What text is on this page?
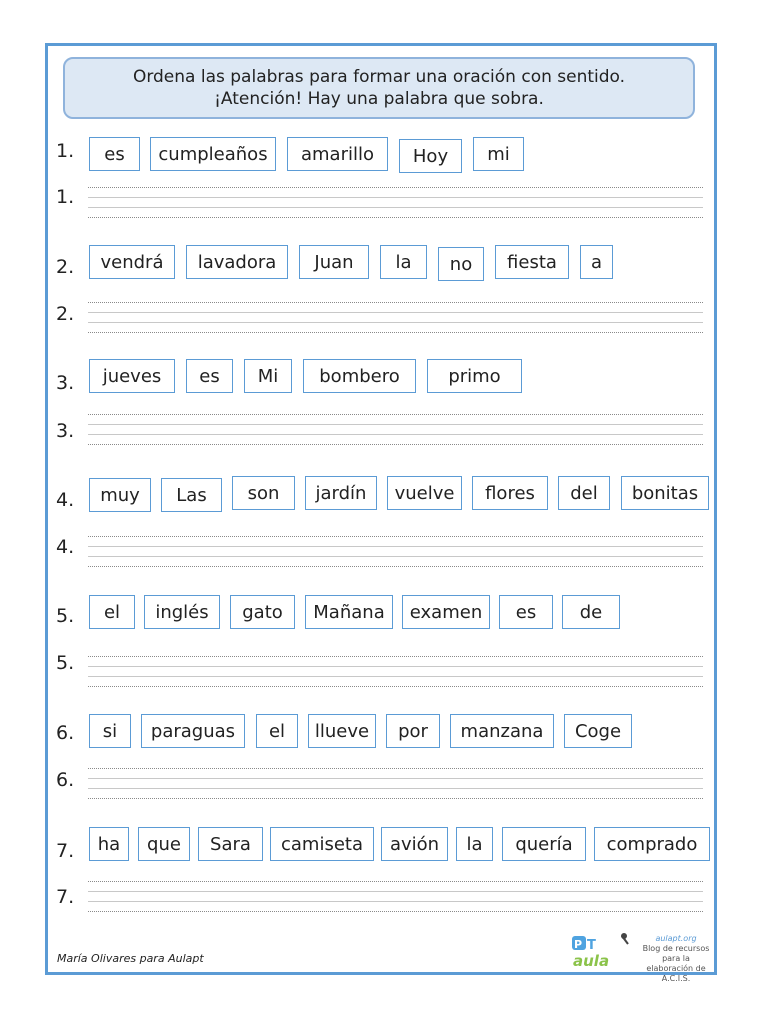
Ordena las palabras para formar una oración con sentido.
¡Atención! Hay una palabra que sobra.
1.	es	cumpleaños	amarillo	Hoy	mi
1.
2.	vendrá	lavadora	Juan	la	no	fiesta	a
2.
3.	jueves	es	Mi	bombero	primo
3.
4.	muy	Las	son	jardín	vuelve	flores	del	bonitas
4.
5.	el	inglés	gato	Mañana	examen	es	de
5.
6.	si	paraguas	el	llueve	por	manzana	Coge
6.
7.	ha	que	Sara	camiseta	avión	la	quería	comprado
7.
María Olivares para Aulapt
P T
aula
aulapt.org
Blog de recursos para la
elaboración de A.C.I.S.
